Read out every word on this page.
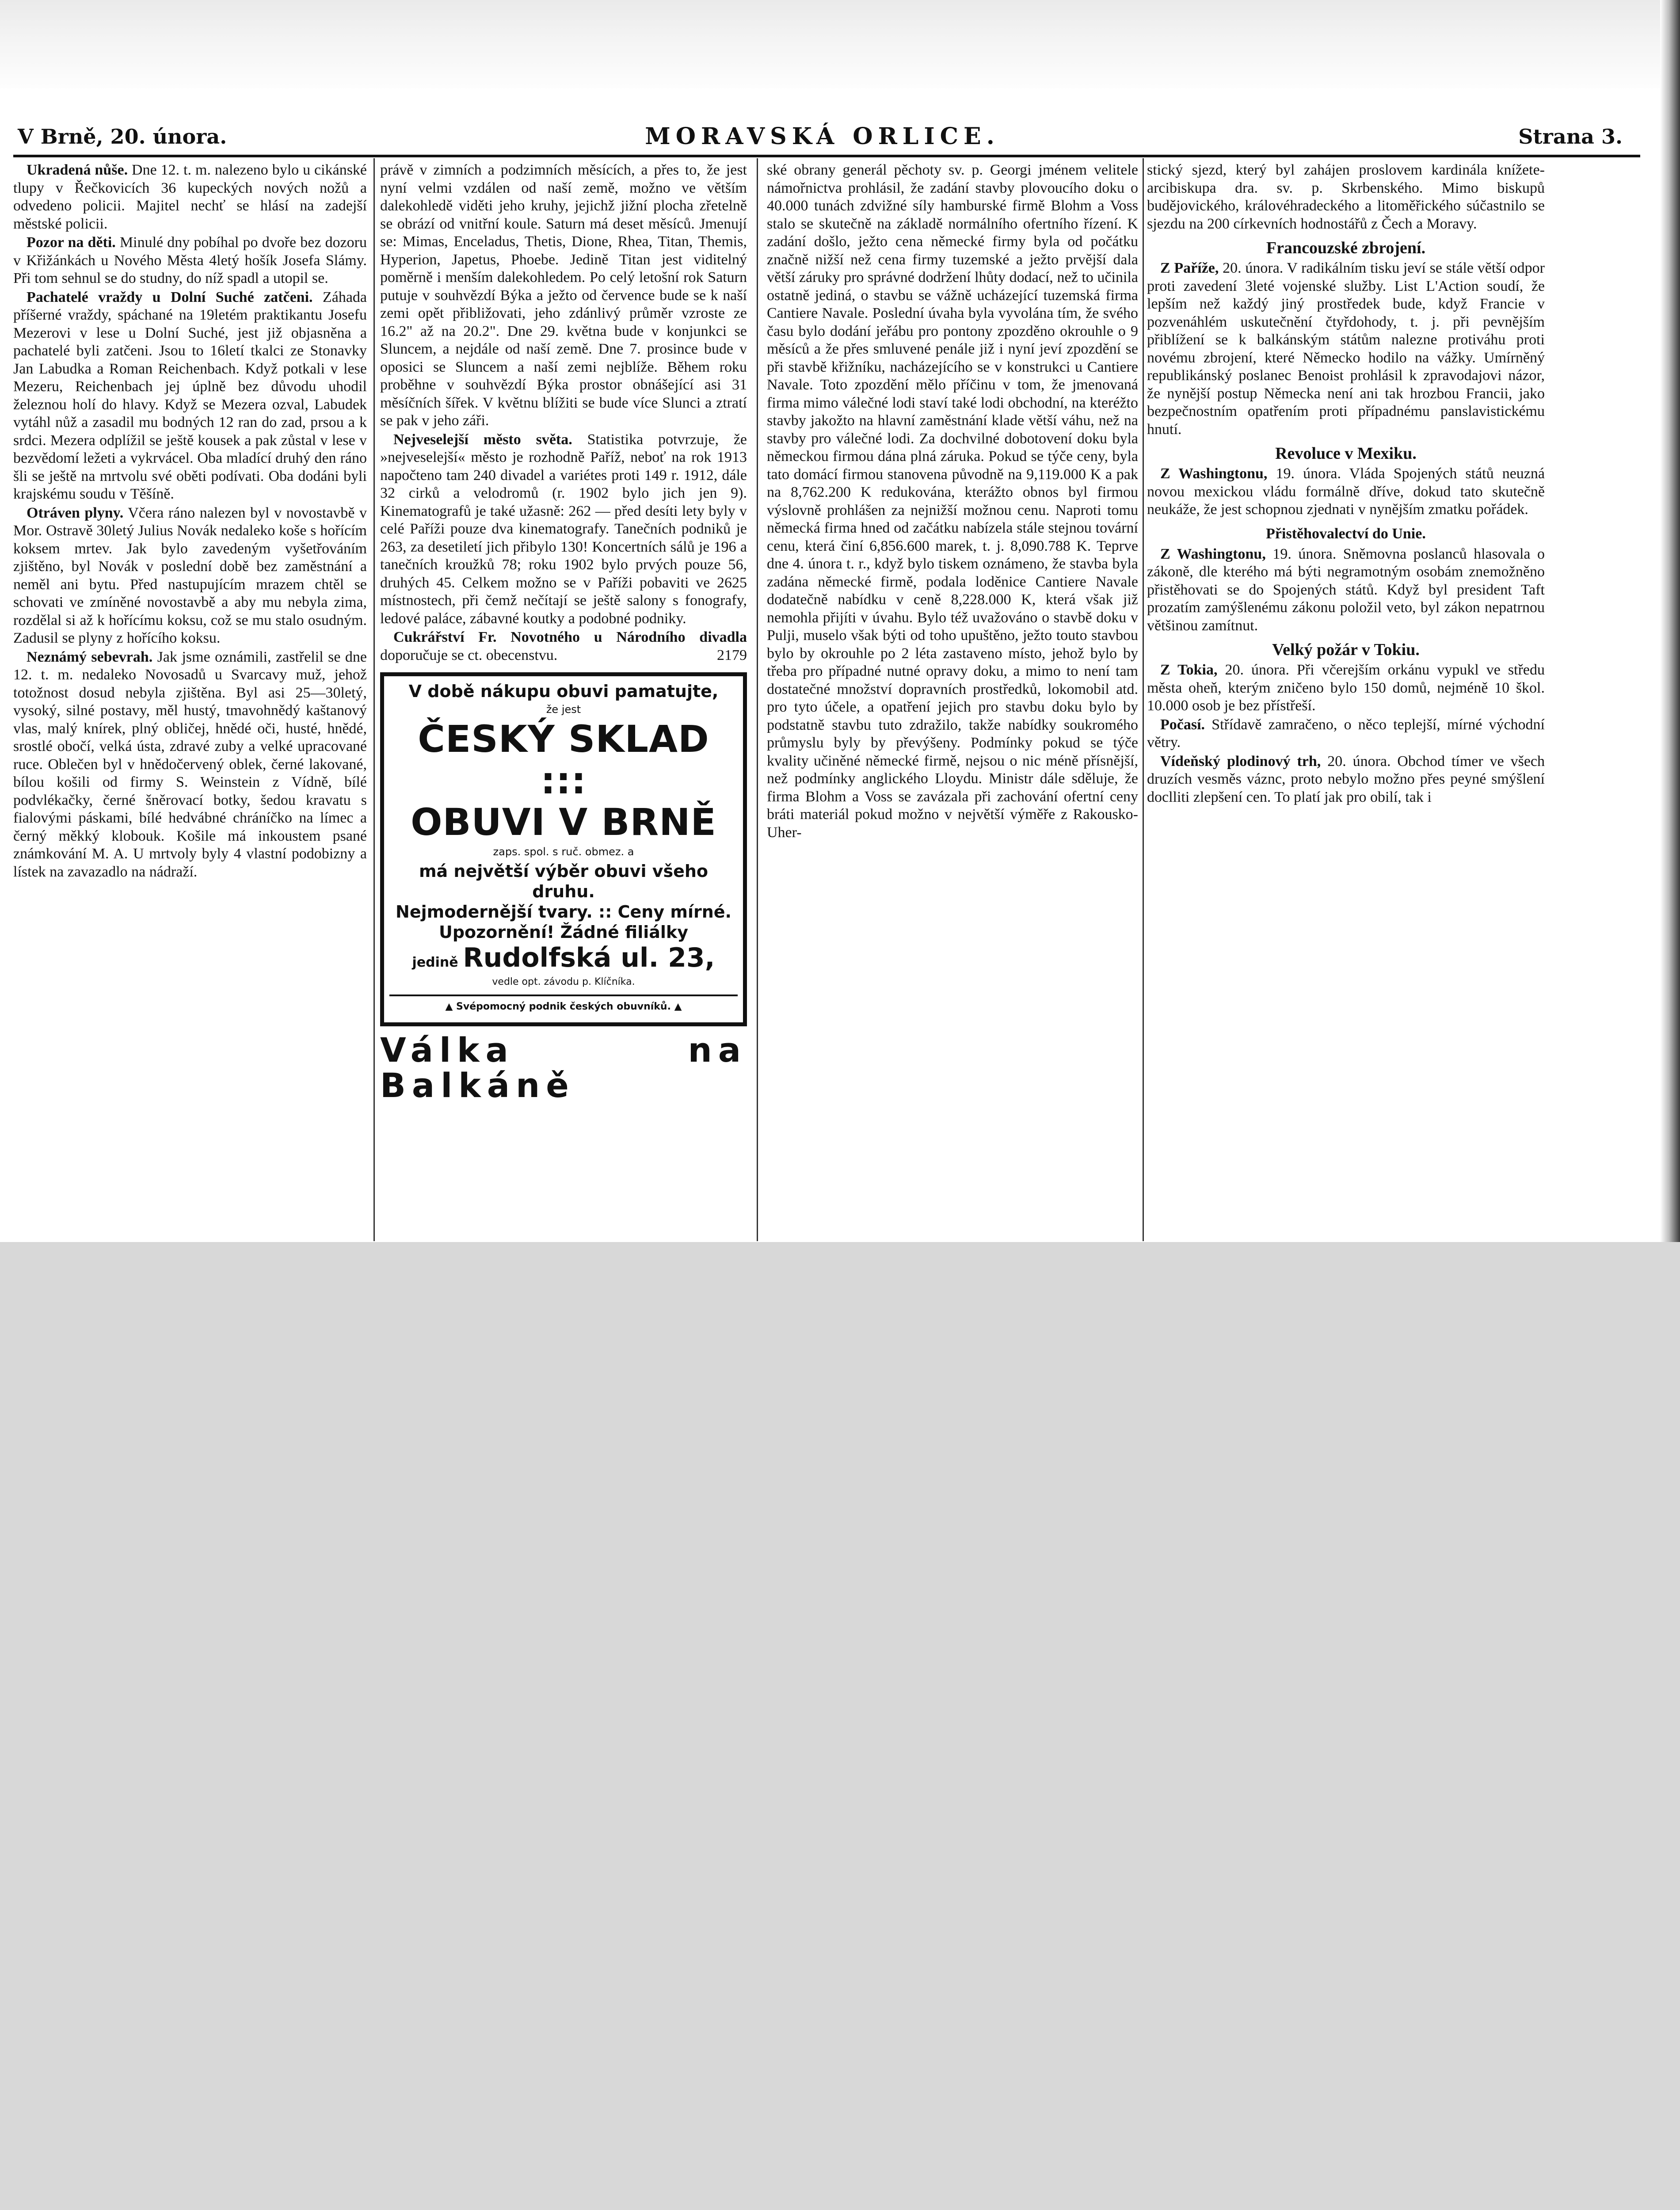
V Brně, 20. února.	MORAVSKÁ ORLICE.	Strana 3.

Ukradená nůše. Dne 12. t. m. nalezeno bylo u cikánské tlupy v Řečkovicích 36 kupeckých nových nožů a odvedeno policii. Majitel nechť se hlásí na zadejší městské policii.

Pozor na děti. Minulé dny pobíhal po dvoře bez dozoru v Křižánkách u Nového Města 4letý hošík Josefa Slámy. Při tom sehnul se do studny, do níž spadl a utopil se.

Pachatelé vraždy u Dolní Suché zatčeni. Záhada příšerné vraždy, spáchané na 19letém praktikantu Josefu Mezerovi v lese u Dolní Suché, jest již objasněna a pachatelé byli zatčeni. Jsou to 16letí tkalci ze Stonavky Jan Labudka a Roman Reichenbach. Když potkali v lese Mezeru, Reichenbach jej úplně bez důvodu uhodil železnou holí do hlavy. Když se Mezera ozval, Labudek vytáhl nůž a zasadil mu bodných 12 ran do zad, prsou a k srdci. Mezera odplížil se ještě kousek a pak zůstal v lese v bezvědomí ležeti a vykrvácel. Oba mladící druhý den ráno šli se ještě na mrtvolu své oběti podívati. Oba dodáni byli krajskému soudu v Těšíně.

Otráven plyny. Včera ráno nalezen byl v novostavbě v Mor. Ostravě 30letý Julius Novák nedaleko koše s hořícím koksem mrtev. Jak bylo zavedeným vyšetřováním zjištěno, byl Novák v poslední době bez zaměstnání a neměl ani bytu. Před nastupujícím mrazem chtěl se schovati ve zmíněné novostavbě a aby mu nebyla zima, rozdělal si až k hořícímu koksu, což se mu stalo osudným. Zadusil se plyny z hořícího koksu.

Neznámý sebevrah. Jak jsme oznámili, zastřelil se dne 12. t. m. nedaleko Novosadů u Svarcavy muž, jehož totožnost dosud nebyla zjištěna. Byl asi 25—30letý, vysoký, silné postavy, měl hustý, tmavohnědý kaštanový vlas, malý knírek, plný obličej, hnědé oči, husté, hnědé, srostlé obočí, velká ústa, zdravé zuby a velké upracované ruce. Oblečen byl v hnědočervený oblek, černé lakované, bílou košili od firmy S. Weinstein z Vídně, bílé podvlékačky, černé šněrovací botky, šedou kravatu s fialovými páskami, bílé hedvábné chráníčko na límec a černý měkký klobouk. Košile má inkoustem psané známkování M. A. U mrtvoly byly 4 vlastní podobizny a lístek na zavazadlo na nádraží.

právě v zimních a podzimních měsících, a přes to, že jest nyní velmi vzdálen od naší země, možno ve větším dalekohledě viděti jeho kruhy, jejichž jižní plocha zřetelně se obrází od vnitřní koule. Saturn má deset měsíců. Jmenují se: Mimas, Enceladus, Thetis, Dione, Rhea, Titan, Themis, Hyperion, Japetus, Phoebe. Jedině Titan jest viditelný poměrně i menším dalekohledem. Po celý letošní rok Saturn putuje v souhvězdí Býka a ježto od července bude se k naší zemi opět přibližovati, jeho zdánlivý průměr vzroste ze 16.2" až na 20.2". Dne 29. května bude v konjunkci se Sluncem, a nejdále od naší země. Dne 7. prosince bude v oposici se Sluncem a naší zemi nejblíže. Během roku proběhne v souhvězdí Býka prostor obnášející asi 31 měsíčních šířek. V květnu blížiti se bude více Slunci a ztratí se pak v jeho záři.

Nejveselejší město světa. Statistika potvrzuje, že »nejveselejší« město je rozhodně Paříž, neboť na rok 1913 napočteno tam 240 divadel a variétes proti 149 r. 1912, dále 32 cirků a velodromů (r. 1902 bylo jich jen 9). Kinematografů je také užasně: 262 — před desíti lety byly v celé Paříži pouze dva kinematografy. Tanečních podniků je 263, za desetiletí jich přibylo 130! Koncertních sálů je 196 a tanečních kroužků 78; roku 1902 bylo prvých pouze 56, druhých 45. Celkem možno se v Paříži pobaviti ve 2625 místnostech, při čemž nečítají se ještě salony s fonografy, ledové paláce, zábavné koutky a podobné podniky.

Cukrářství Fr. Novotného u Národního divadla doporučuje se ct. obecenstvu.	2179

V době nákupu obuvi pamatujte,
že jest
ČESKÝ SKLAD :::
OBUVI V BRNĚ
zaps. spol. s ruč. obmez. a
má největší výběr obuvi všeho druhu.
Nejmodernější tvary. :: Ceny mírné.
Upozornění! Žádné filiálky
jedině Rudolfská ul. 23,
vedle opt. závodu p. Klíčníka.
▲ Svépomocný podnik českých obuvníků. ▲
Válka na Balkáně

ské obrany generál pěchoty sv. p. Georgi jménem velitele námořnictva prohlásil, že zadání stavby plovoucího doku o 40.000 tunách zdvižné síly hamburské firmě Blohm a Voss stalo se skutečně na základě normálního ofertního řízení. K zadání došlo, ježto cena německé firmy byla od počátku značně nižší než cena firmy tuzemské a ježto prvější dala větší záruky pro správné dodržení lhůty dodací, než to učinila ostatně jediná, o stavbu se vážně ucházející tuzemská firma Cantiere Navale. Poslední úvaha byla vyvolána tím, že svého času bylo dodání jeřábu pro pontony zpozděno okrouhle o 9 měsíců a že přes smluvené penále již i nyní jeví zpozdění se při stavbě křižníku, nacházejícího se v konstrukci u Cantiere Navale. Toto zpozdění mělo příčinu v tom, že jmenovaná firma mimo válečné lodi staví také lodi obchodní, na kteréžto stavby jakožto na hlavní zaměstnání klade větší váhu, než na stavby pro válečné lodi. Za dochvilné dobotovení doku byla německou firmou dána plná záruka. Pokud se týče ceny, byla tato domácí firmou stanovena původně na 9,119.000 K a pak na 8,762.200 K redukována, kterážto obnos byl firmou výslovně prohlášen za nejnižší možnou cenu. Naproti tomu německá firma hned od začátku nabízela stále stejnou tovární cenu, která činí 6,856.600 marek, t. j. 8,090.788 K. Teprve dne 4. února t. r., když bylo tiskem oznámeno, že stavba byla zadána německé firmě, podala loděnice Cantiere Navale dodatečně nabídku v ceně 8,228.000 K, která však již nemohla přijíti v úvahu. Bylo též uvažováno o stavbě doku v Pulji, muselo však býti od toho upuštěno, ježto touto stavbou bylo by okrouhle po 2 léta zastaveno místo, jehož bylo by třeba pro případné nutné opravy doku, a mimo to není tam dostatečné množství dopravních prostředků, lokomobil atd. pro tyto účele, a opatření jejich pro stavbu doku bylo by podstatně stavbu tuto zdražilo, takže nabídky soukromého průmyslu byly by převýšeny. Podmínky pokud se týče kvality učiněné německé firmě, nejsou o nic méně přísnější, než podmínky anglického Lloydu. Ministr dále sděluje, že firma Blohm a Voss se zavázala při zachování ofertní ceny bráti materiál pokud možno v největší výměře z Rakousko-Uher-

stický sjezd, který byl zahájen proslovem kardinála knížete-arcibiskupa dra. sv. p. Skrbenského. Mimo biskupů budějovického, královéhradeckého a litoměřického súčastnilo se sjezdu na 200 církevních hodnostářů z Čech a Moravy.

Francouzské zbrojení.

Z Paříže, 20. února. V radikálním tisku jeví se stále větší odpor proti zavedení 3leté vojenské služby. List L'Action soudí, že lepším než každý jiný prostředek bude, když Francie v pozvenáhlém uskutečnění čtyřdohody, t. j. při pevnějším přiblížení se k balkánským státům nalezne protiváhu proti novému zbrojení, které Německo hodilo na vážky. Umírněný republikánský poslanec Benoist prohlásil k zpravodajovi názor, že nynější postup Německa není ani tak hrozbou Francii, jako bezpečnostním opatřením proti případnému panslavistickému hnutí.

Revoluce v Mexiku.

Z Washingtonu, 19. února. Vláda Spojených států neuzná novou mexickou vládu formálně dříve, dokud tato skutečně neukáže, že jest schopnou zjednati v nynějším zmatku pořádek.

Přistěhovalectví do Unie.

Z Washingtonu, 19. února. Sněmovna poslanců hlasovala o zákoně, dle kterého má býti negramotným osobám znemožněno přistěhovati se do Spojených států. Když byl president Taft prozatím zamýšlenému zákonu položil veto, byl zákon nepatrnou většinou zamítnut.

Velký požár v Tokiu.

Z Tokia, 20. února. Při včerejším orkánu vypukl ve středu města oheň, kterým zničeno bylo 150 domů, nejméně 10 škol. 10.000 osob je bez přístřeší.

Počasí. Střídavě zamračeno, o něco teplejší, mírné východní větry.

Vídeňský plodinový trh, 20. února. Obchod tímer ve všech druzích vesměs váznc, proto nebylo možno přes peyné smýšlení doclliti zlepšení cen. To platí jak pro obilí, tak i
